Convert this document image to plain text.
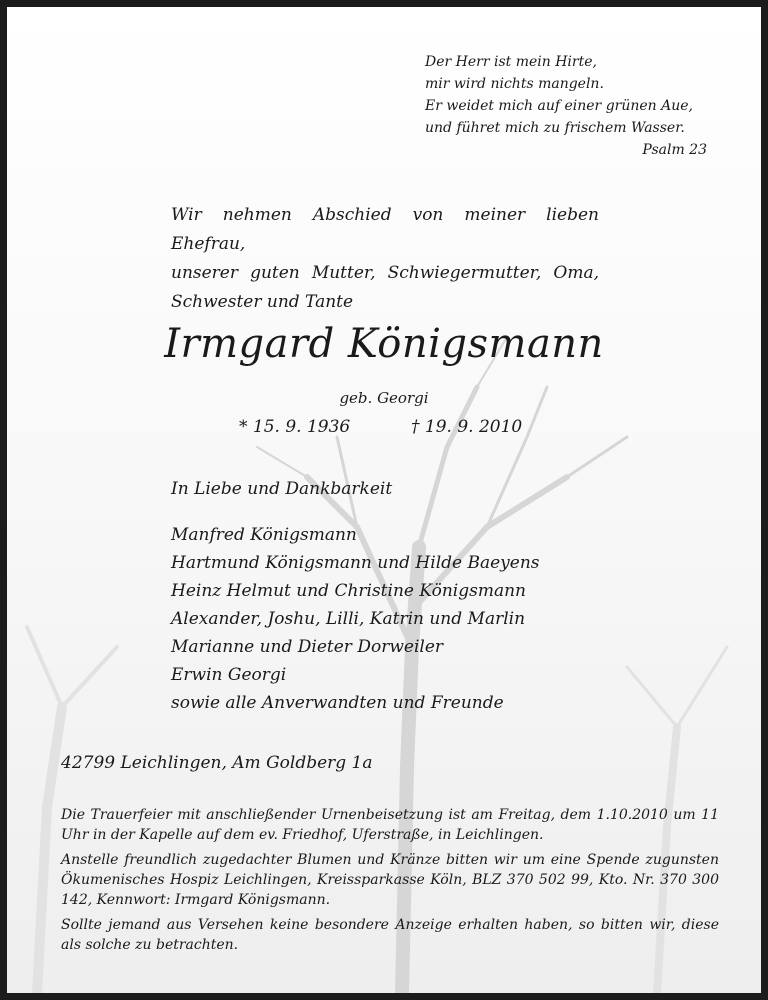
Der Herr ist mein Hirte,
mir wird nichts mangeln.
Er weidet mich auf einer grünen Aue,
und führet mich zu frischem Wasser.
Psalm 23
Wir nehmen Abschied von meiner lieben Ehefrau,
unserer guten Mutter, Schwiegermutter, Oma,
Schwester und Tante
Irmgard Königsmann
geb. Georgi
* 15. 9. 1936	† 19. 9. 2010
In Liebe und Dankbarkeit
Manfred Königsmann
Hartmund Königsmann und Hilde Baeyens
Heinz Helmut und Christine Königsmann
Alexander, Joshu, Lilli, Katrin und Marlin
Marianne und Dieter Dorweiler
Erwin Georgi
sowie alle Anverwandten und Freunde
42799 Leichlingen, Am Goldberg 1a

Die Trauerfeier mit anschließender Urnenbeisetzung ist am Freitag, dem 1.10.2010 um 11 Uhr in der Kapelle auf dem ev. Friedhof, Uferstraße, in Leichlingen.

Anstelle freundlich zugedachter Blumen und Kränze bitten wir um eine Spende zugunsten Ökumenisches Hospiz Leichlingen, Kreissparkasse Köln, BLZ 370 502 99, Kto. Nr. 370 300 142, Kennwort: Irmgard Königsmann.

Sollte jemand aus Versehen keine besondere Anzeige erhalten haben, so bitten wir, diese als solche zu betrachten.
